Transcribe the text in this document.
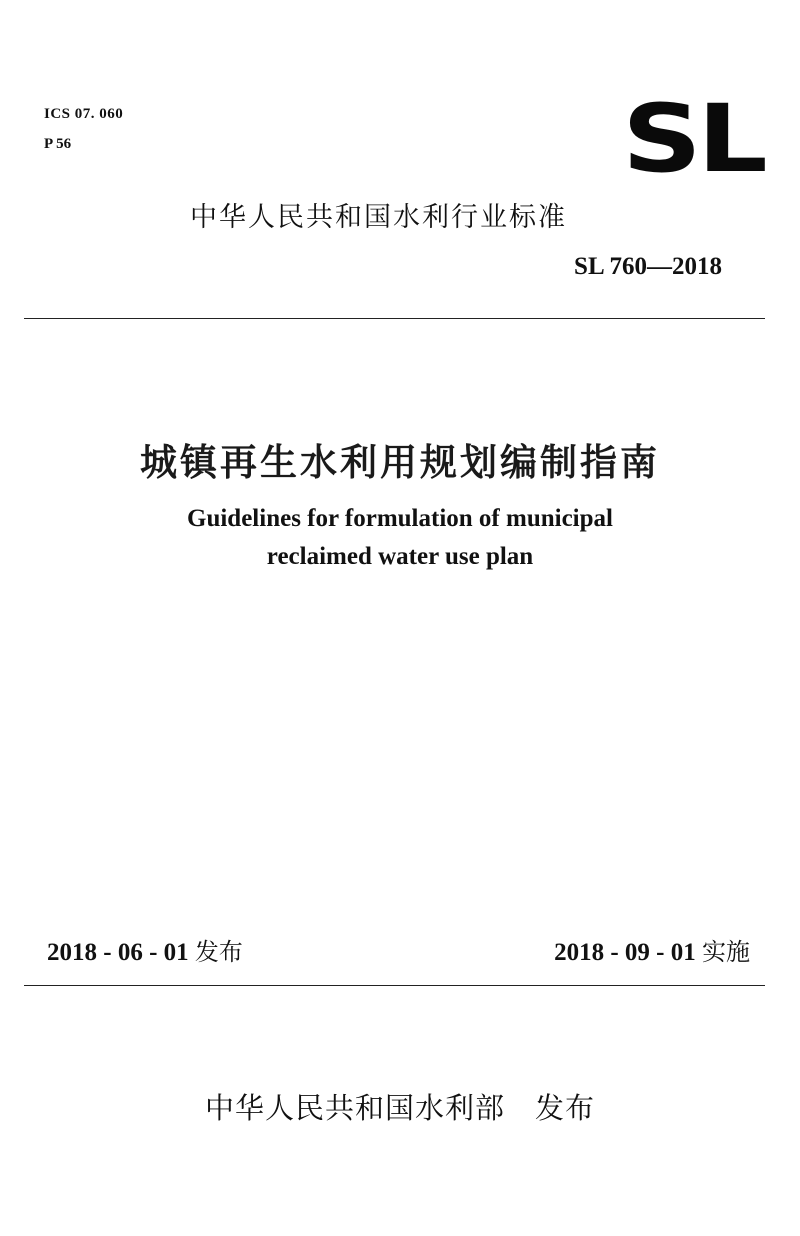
ICS 07. 060
P 56	SL
中华人民共和国水利行业标准
SL 760—2018
城镇再生水利用规划编制指南
Guidelines for formulation of municipal
reclaimed water use plan
2018 - 06 - 01 发布	2018 - 09 - 01 实施
中华人民共和国水利部 发布
